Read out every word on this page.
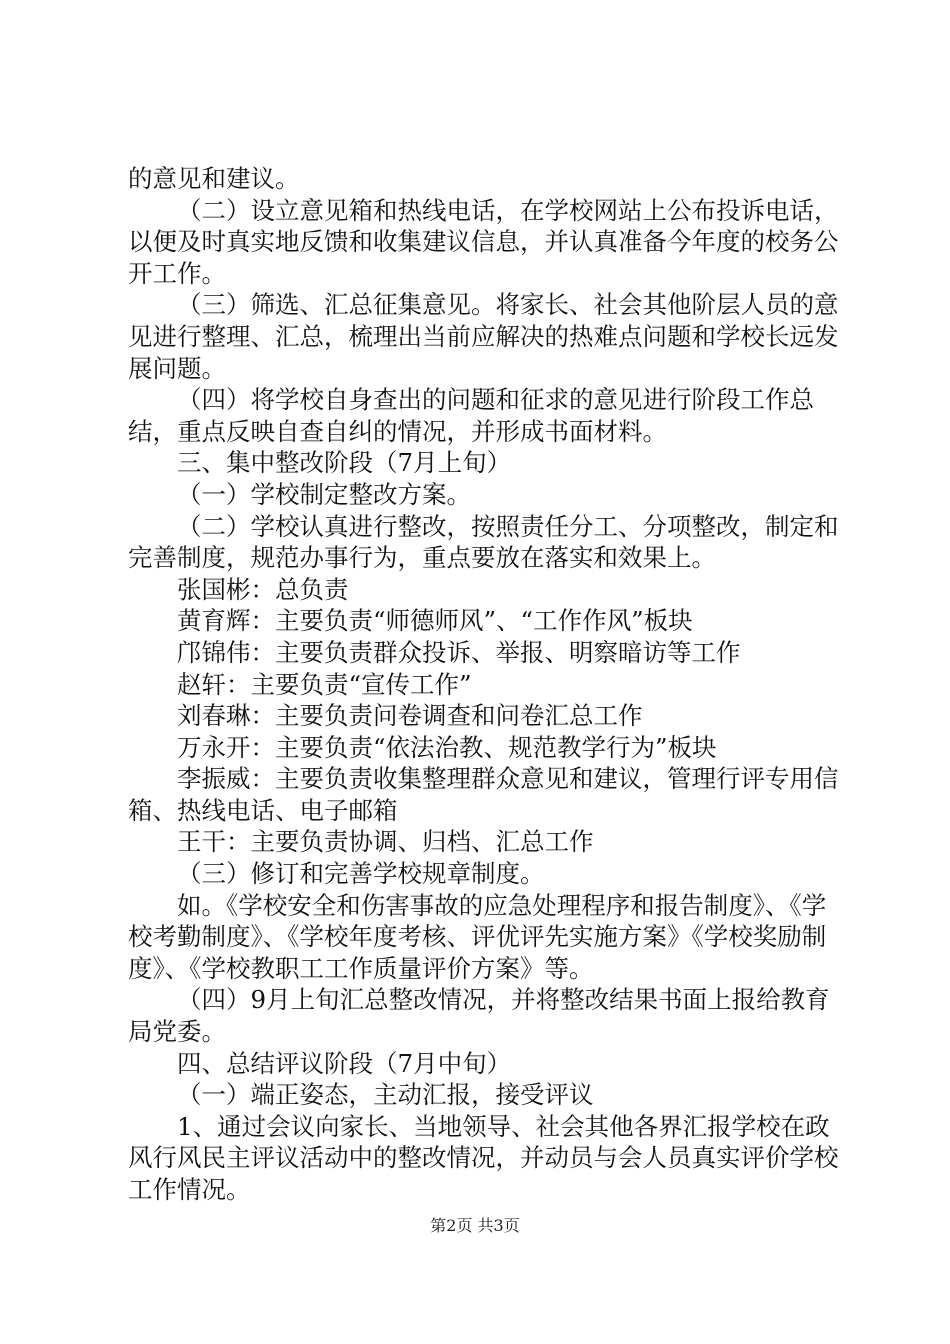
的意见和建议。

（二）设立意见箱和热线电话，在学校网站上公布投诉电话，以便及时真实地反馈和收集建议信息，并认真准备今年度的校务公开工作。

（三）筛选、汇总征集意见。将家长、社会其他阶层人员的意见进行整理、汇总，梳理出当前应解决的热难点问题和学校长远发展问题。

（四）将学校自身查出的问题和征求的意见进行阶段工作总结，重点反映自查自纠的情况，并形成书面材料。

三、集中整改阶段（7月上旬）

（一）学校制定整改方案。

（二）学校认真进行整改，按照责任分工、分项整改，制定和完善制度，规范办事行为，重点要放在落实和效果上。

张国彬：总负责

黄育辉：主要负责“师德师风”、“工作作风”板块

邝锦伟：主要负责群众投诉、举报、明察暗访等工作

赵轩：主要负责“宣传工作”

刘春琳：主要负责问卷调查和问卷汇总工作

万永开：主要负责“依法治教、规范教学行为”板块

李振威：主要负责收集整理群众意见和建议，管理行评专用信箱、热线电话、电子邮箱

王干：主要负责协调、归档、汇总工作

（三）修订和完善学校规章制度。

如。《学校安全和伤害事故的应急处理程序和报告制度》、《学校考勤制度》、《学校年度考核、评优评先实施方案》《学校奖励制度》、《学校教职工工作质量评价方案》等。

（四）9月上旬汇总整改情况，并将整改结果书面上报给教育局党委。

四、总结评议阶段（7月中旬）

（一）端正姿态，主动汇报，接受评议

1、通过会议向家长、当地领导、社会其他各界汇报学校在政风行风民主评议活动中的整改情况，并动员与会人员真实评价学校工作情况。

第2页 共3页
